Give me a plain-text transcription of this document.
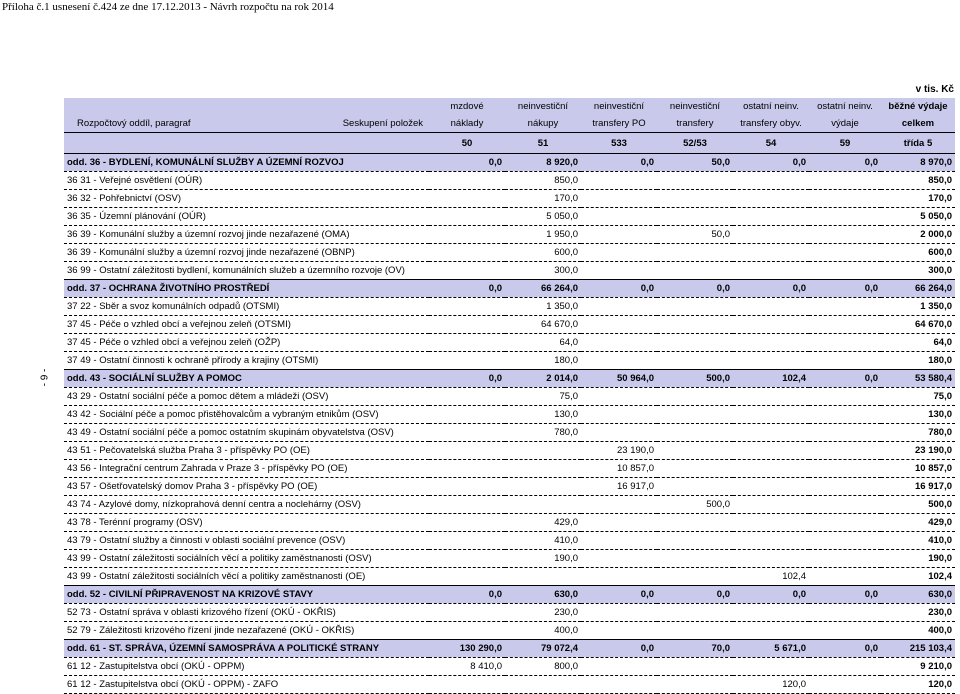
Příloha č.1 usnesení č.424 ze dne 17.12.2013 - Návrh rozpočtu na rok 2014
v tis. Kč
- 9 -
	mzdové	neinvestiční	neinvestiční	neinvestiční	ostatní neinv.	ostatní neinv.	běžné výdaje
Rozpočtový oddíl, paragraf Seskupení položek	náklady	nákupy	transfery PO	transfery	transfery obyv.	výdaje	celkem
	50	51	533	52/53	54	59	třída 5
odd. 36 - BYDLENÍ, KOMUNÁLNÍ SLUŽBY A ÚZEMNÍ ROZVOJ	0,0	8 920,0	0,0	50,0	0,0	0,0	8 970,0
36 31 - Veřejné osvětlení (OÚR)		850,0					850,0
36 32 - Pohřebnictví (OSV)		170,0					170,0
36 35 - Územní plánování (OÚR)		5 050,0					5 050,0
36 39 - Komunální služby a územní rozvoj jinde nezařazené (OMA)		1 950,0		50,0			2 000,0
36 39 - Komunální služby a územní rozvoj jinde nezařazené (OBNP)		600,0					600,0
36 99 - Ostatní záležitosti bydlení, komunálních služeb a územního rozvoje (OV)		300,0					300,0
odd. 37 - OCHRANA ŽIVOTNÍHO PROSTŘEDÍ	0,0	66 264,0	0,0	0,0	0,0	0,0	66 264,0
37 22 - Sběr a svoz komunálních odpadů (OTSMI)		1 350,0					1 350,0
37 45 - Péče o vzhled obcí a veřejnou zeleň (OTSMI)		64 670,0					64 670,0
37 45 - Péče o vzhled obcí a veřejnou zeleň (OŽP)		64,0					64,0
37 49 - Ostatní činnosti k ochraně přírody a krajiny (OTSMI)		180,0					180,0
odd. 43 - SOCIÁLNÍ SLUŽBY A POMOC	0,0	2 014,0	50 964,0	500,0	102,4	0,0	53 580,4
43 29 - Ostatní sociální péče a pomoc dětem a mládeži (OSV)		75,0					75,0
43 42 - Sociální péče a pomoc přistěhovalcům a vybraným etnikům (OSV)		130,0					130,0
43 49 - Ostatní sociální péče a pomoc ostatním skupinám obyvatelstva (OSV)		780,0					780,0
43 51 - Pečovatelská služba Praha 3 - příspěvky PO (OE)			23 190,0				23 190,0
43 56 - Integrační centrum Zahrada v Praze 3 - příspěvky PO (OE)			10 857,0				10 857,0
43 57 - Ošetřovatelský domov Praha 3 - příspěvky PO (OE)			16 917,0				16 917,0
43 74 - Azylové domy, nízkoprahová denní centra a noclehárny (OSV)				500,0			500,0
43 78 - Terénní programy (OSV)		429,0					429,0
43 79 - Ostatní služby a činnosti v oblasti sociální prevence (OSV)		410,0					410,0
43 99 - Ostatní záležitosti sociálních věcí a politiky zaměstnanosti (OSV)		190,0					190,0
43 99 - Ostatní záležitosti sociálních věcí a politiky zaměstnanosti (OE)					102,4		102,4
odd. 52 - CIVILNÍ PŘIPRAVENOST NA KRIZOVÉ STAVY	0,0	630,0	0,0	0,0	0,0	0,0	630,0
52 73 - Ostatní správa v oblasti krizového řízení (OKÚ - OKŘIS)		230,0					230,0
52 79 - Záležitosti krizového řízení jinde nezařazené (OKÚ - OKŘIS)		400,0					400,0
odd. 61 - ST. SPRÁVA, ÚZEMNÍ SAMOSPRÁVA A POLITICKÉ STRANY	130 290,0	79 072,4	0,0	70,0	5 671,0	0,0	215 103,4
61 12 - Zastupitelstva obcí (OKÚ - OPPM)	8 410,0	800,0					9 210,0
61 12 - Zastupitelstva obcí (OKÚ - OPPM) - ZAFO					120,0		120,0
